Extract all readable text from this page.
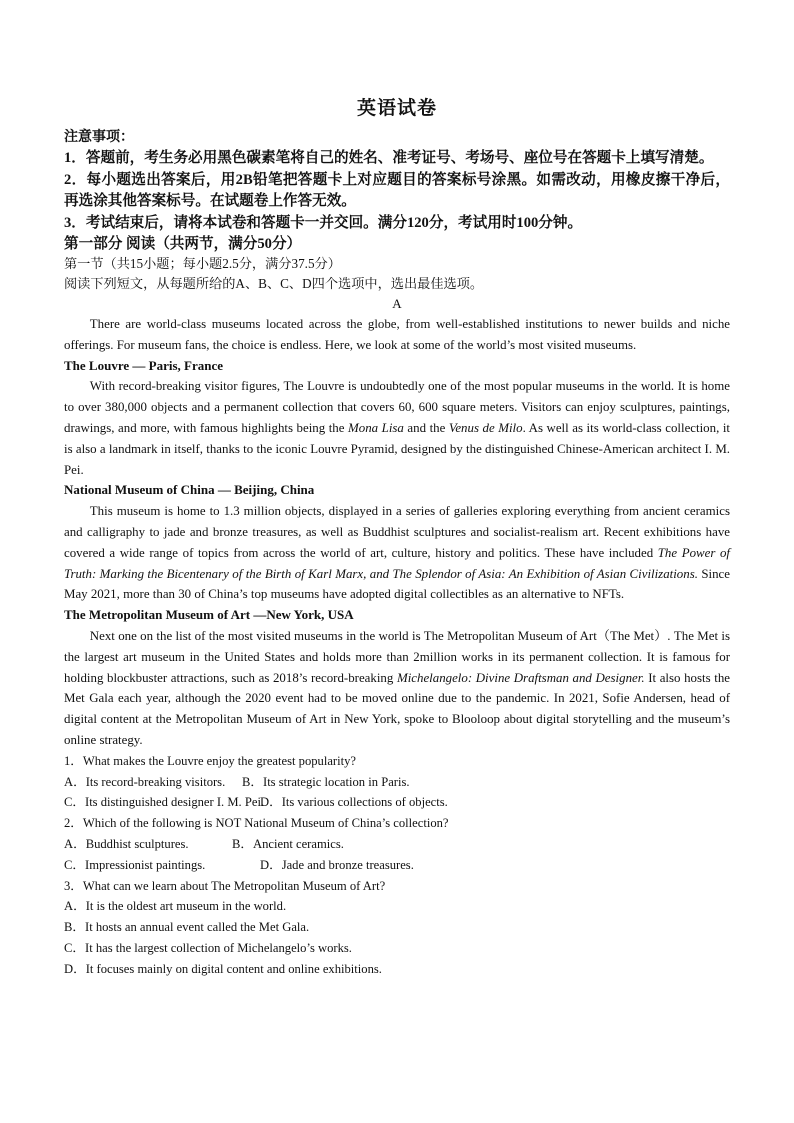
英语试卷

注意事项：

1．答题前，考生务必用黑色碳素笔将自己的姓名、准考证号、考场号、座位号在答题卡上填写清楚。

2．每小题选出答案后，用2B铅笔把答题卡上对应题目的答案标号涂黑。如需改动，用橡皮擦干净后，再选涂其他答案标号。在试题卷上作答无效。

3．考试结束后，请将本试卷和答题卡一并交回。满分120分，考试用时100分钟。

第一部分 阅读（共两节，满分50分）

第一节（共15小题；每小题2.5分，满分37.5分）

阅读下列短文，从每题所给的A、B、C、D四个选项中，选出最佳选项。

A

There are world-class museums located across the globe, from well-established institutions to newer builds and niche offerings. For museum fans, the choice is endless. Here, we look at some of the world’s most visited museums.

The Louvre — Paris, France

With record-breaking visitor figures, The Louvre is undoubtedly one of the most popular museums in the world. It is home to over 380,000 objects and a permanent collection that covers 60, 600 square meters. Visitors can enjoy sculptures, paintings, drawings, and more, with famous highlights being the Mona Lisa and the Venus de Milo. As well as its world-class collection, it is also a landmark in itself, thanks to the iconic Louvre Pyramid, designed by the distinguished Chinese-American architect I. M. Pei.

National Museum of China — Beijing, China

This museum is home to 1.3 million objects, displayed in a series of galleries exploring everything from ancient ceramics and calligraphy to jade and bronze treasures, as well as Buddhist sculptures and socialist-realism art. Recent exhibitions have covered a wide range of topics from across the world of art, culture, history and politics. These have included The Power of Truth: Marking the Bicentenary of the Birth of Karl Marx, and The Splendor of Asia: An Exhibition of Asian Civilizations. Since May 2021, more than 30 of China’s top museums have adopted digital collectibles as an alternative to NFTs.

The Metropolitan Museum of Art —New York, USA

Next one on the list of the most visited museums in the world is The Metropolitan Museum of Art（The Met）. The Met is the largest art museum in the United States and holds more than 2million works in its permanent collection. It is famous for holding blockbuster attractions, such as 2018’s record-breaking Michelangelo: Divine Draftsman and Designer. It also hosts the Met Gala each year, although the 2020 event had to be moved online due to the pandemic. In 2021, Sofie Andersen, head of digital content at the Metropolitan Museum of Art in New York, spoke to Blooloop about digital storytelling and the museum’s online strategy.

1．What makes the Louvre enjoy the greatest popularity?

A．Its record-breaking visitors. B．Its strategic location in Paris.

C．Its distinguished designer I. M. Pei.D．Its various collections of objects.

2．Which of the following is NOT National Museum of China’s collection?

A．Buddhist sculptures.	B．Ancient ceramics.

C．Impressionist paintings.	D．Jade and bronze treasures.

3．What can we learn about The Metropolitan Museum of Art?

A．It is the oldest art museum in the world.

B．It hosts an annual event called the Met Gala.

C．It has the largest collection of Michelangelo’s works.

D．It focuses mainly on digital content and online exhibitions.
